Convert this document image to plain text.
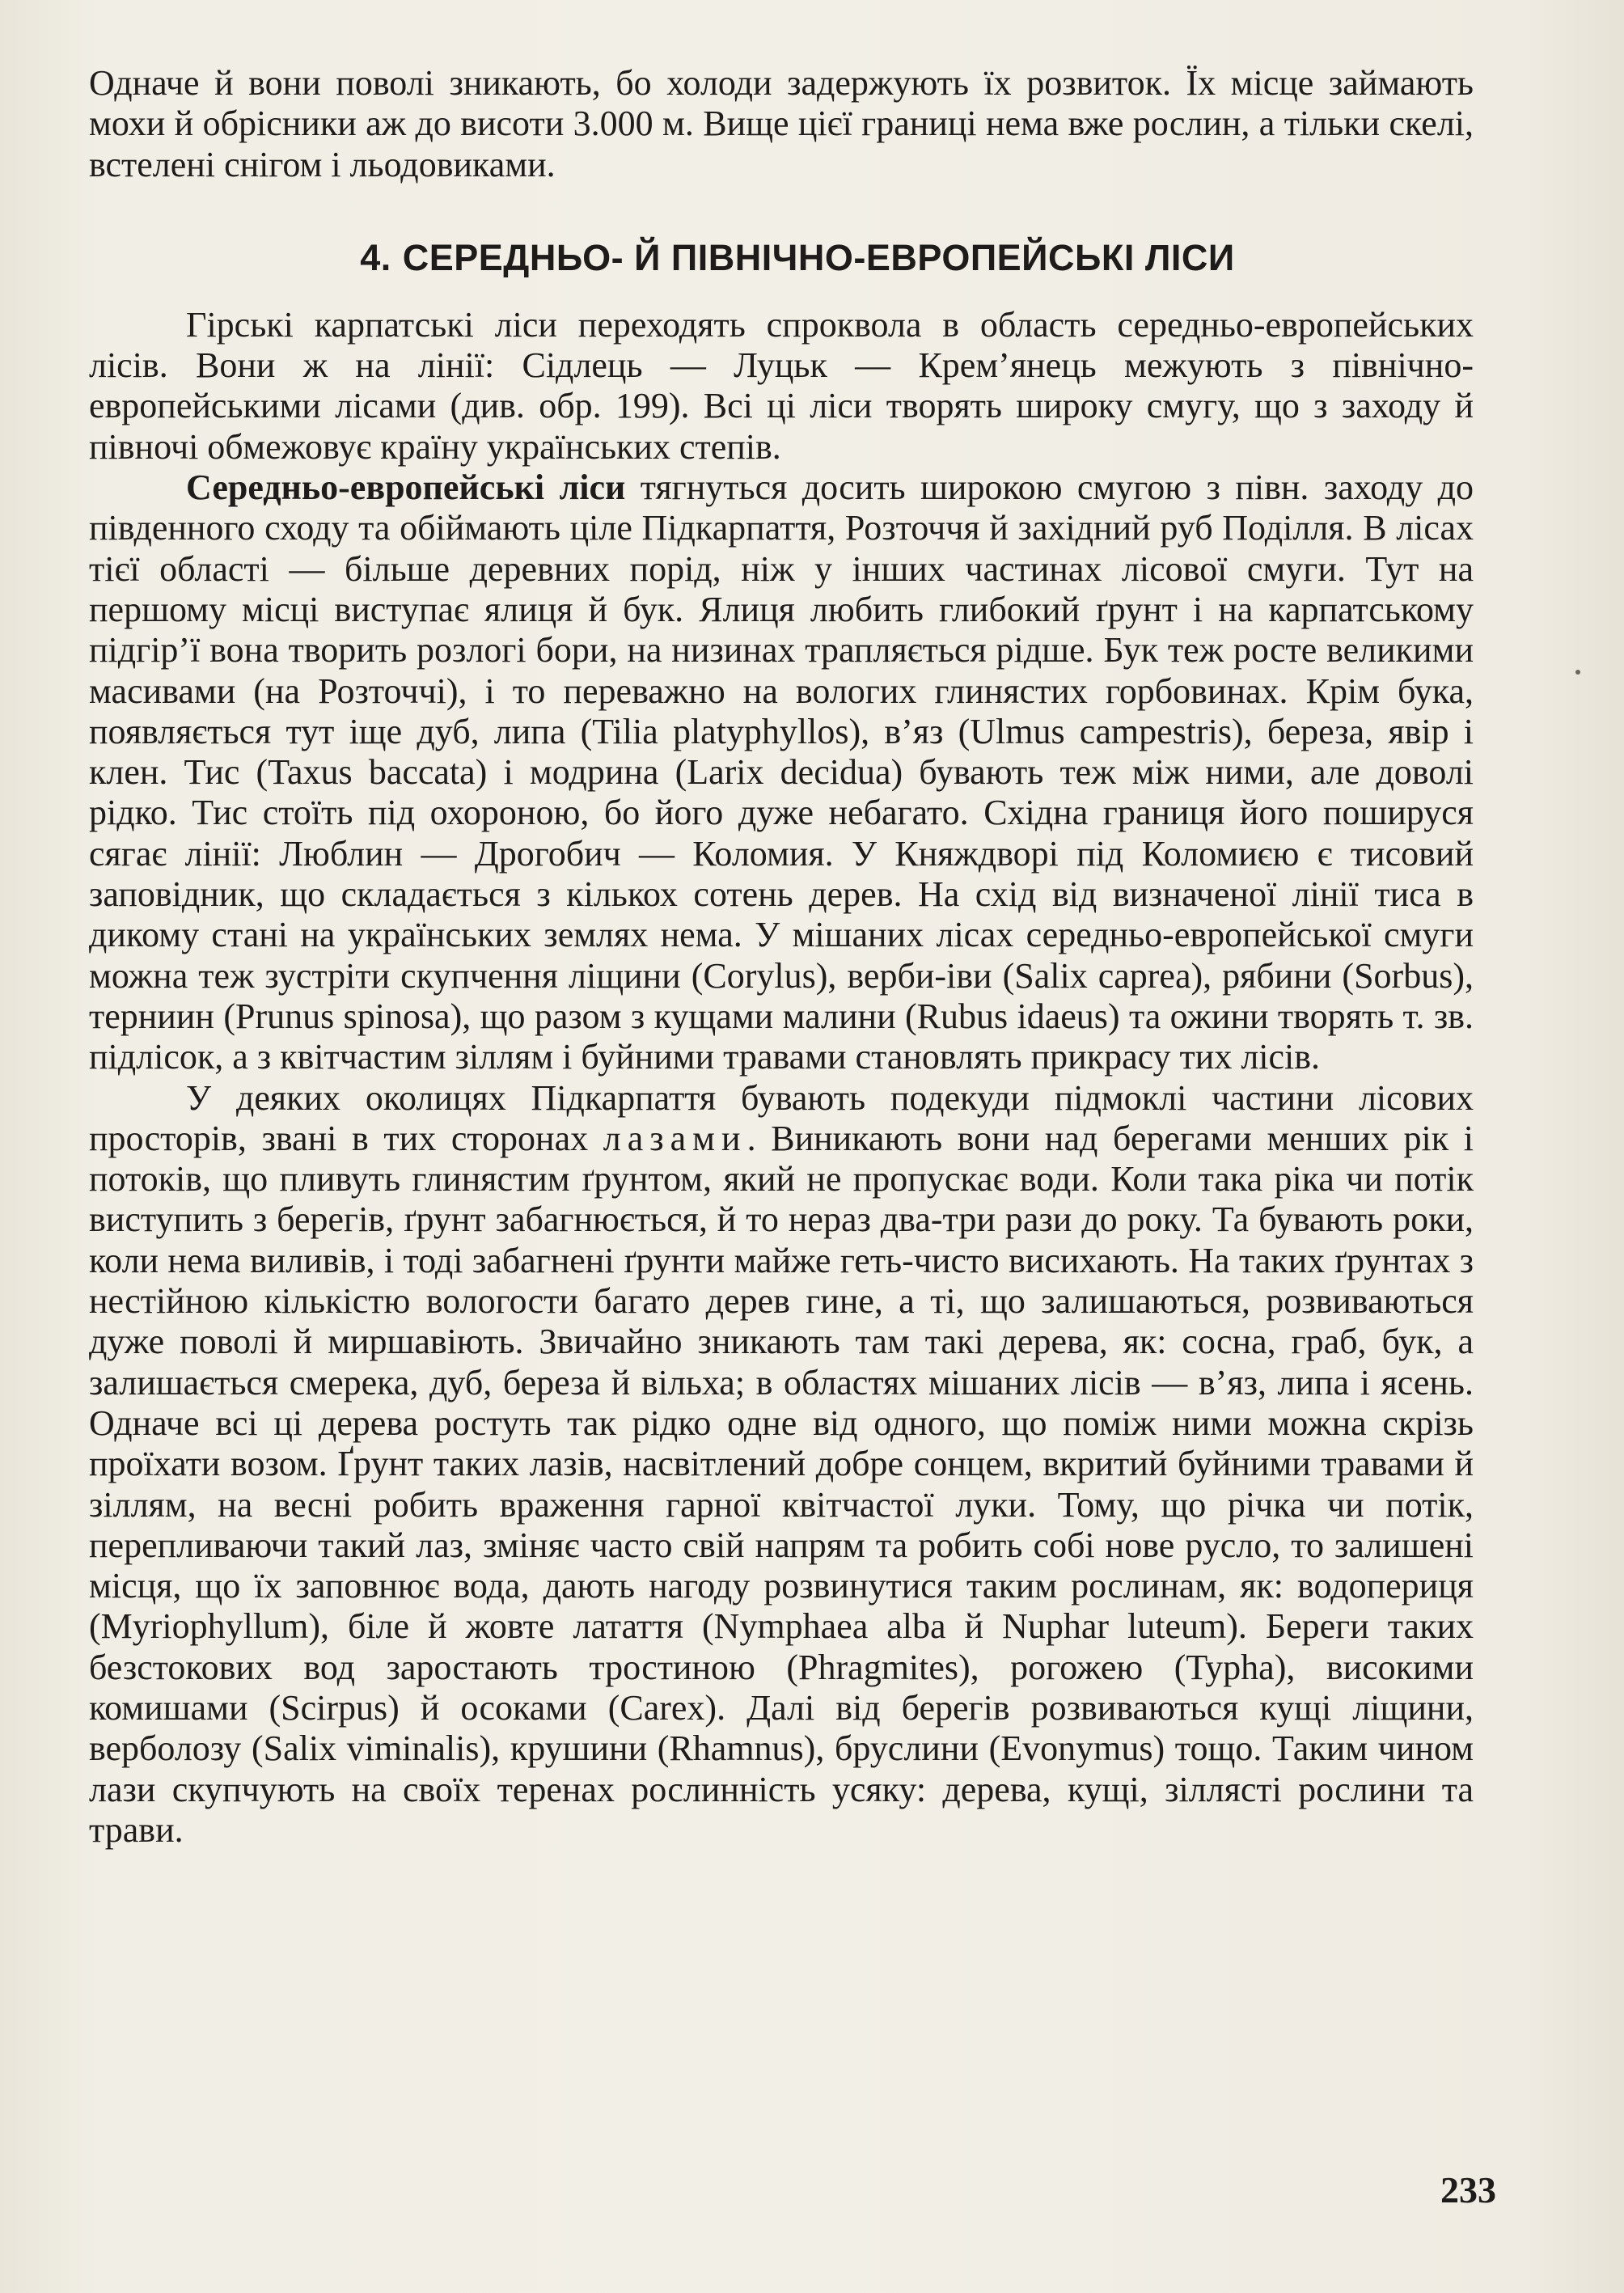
Одначе й вони поволі зникають, бо холоди задержують їх розвиток. Їх місце займають мохи й обрісники аж до висоти 3.000 м. Вище цієї границі нема вже рослин, а тільки скелі, встелені снігом і льодовиками.

4. СЕРЕДНЬО- Й ПІВНІЧНО-ЕВРОПЕЙСЬКІ ЛІСИ

Гірські карпатські ліси переходять спроквола в область середньо-европейських лісів. Вони ж на лінії: Сідлець — Луцьк — Крем’янець межують з північно-европейськими лісами (див. обр. 199). Всі ці ліси творять широку смугу, що з заходу й півночі обмежовує країну українських степів.

Середньо-европейські ліси тягнуться досить широкою смугою з півн. заходу до південного сходу та обіймають ціле Підкарпаття, Розточчя й західний руб Поділля. В лісах тієї області — більше деревних порід, ніж у інших частинах лісової смуги. Тут на першому місці виступає ялиця й бук. Ялиця любить глибокий ґрунт і на карпатському підгір’ї вона творить розлогі бори, на низинах трапляється рідше. Бук теж росте великими масивами (на Розточчі), і то переважно на вологих глинястих горбовинах. Крім бука, появляється тут іще дуб, липа (Tilia platyphyllos), в’яз (Ulmus campestris), береза, явір і клен. Тис (Taxus baccata) і модрина (Larix decidua) бувають теж між ними, але доволі рідко. Тис стоїть під охороною, бо його дуже небагато. Східна границя його пошируся сягає лінії: Люблин — Дрогобич — Коломия. У Княждворі під Коломиєю є тисовий заповідник, що складається з кількох сотень дерев. На схід від визначеної лінії тиса в дикому стані на українських землях нема. У мішаних лісах середньо-европейської смуги можна теж зустріти скупчення ліщини (Corylus), верби-іви (Salix caprea), рябини (Sorbus), терниин (Prunus spinosa), що разом з кущами малини (Rubus idaeus) та ожини творять т. зв. підлісок, а з квітчастим зіллям і буйними травами становлять прикрасу тих лісів.

У деяких околицях Підкарпаття бувають подекуди підмоклі частини лісових просторів, звані в тих сторонах лазами. Виникають вони над берегами менших рік і потоків, що пливуть глинястим ґрунтом, який не пропускає води. Коли така ріка чи потік виступить з берегів, ґрунт забагнюється, й то нераз два-три рази до року. Та бувають роки, коли нема виливів, і тоді забагнені ґрунти майже геть-чисто висихають. На таких ґрунтах з нестійною кількістю вологости багато дерев гине, а ті, що залишаються, розвиваються дуже поволі й миршавіють. Звичайно зникають там такі дерева, як: сосна, граб, бук, а залишається смерека, дуб, береза й вільха; в областях мішаних лісів — в’яз, липа і ясень. Одначе всі ці дерева ростуть так рідко одне від одного, що поміж ними можна скрізь проїхати возом. Ґрунт таких лазів, насвітлений добре сонцем, вкритий буйними травами й зіллям, на весні робить враження гарної квітчастої луки. Тому, що річка чи потік, перепливаючи такий лаз, зміняє часто свій напрям та робить собі нове русло, то залишені місця, що їх заповнює вода, дають нагоду розвинутися таким рослинам, як: водопериця (Myriophyllum), біле й жовте латаття (Nymphaea alba й Nuphar luteum). Береги таких безстокових вод заростають тростиною (Phragmites), рогожею (Typha), високими комишами (Scirpus) й осоками (Carex). Далі від берегів розвиваються кущі ліщини, верболозу (Salix viminalis), крушини (Rhamnus), бруслини (Evonymus) тощо. Таким чином лази скупчують на своїх теренах рослинність усяку: дерева, кущі, зіллясті рослини та трави.

233
